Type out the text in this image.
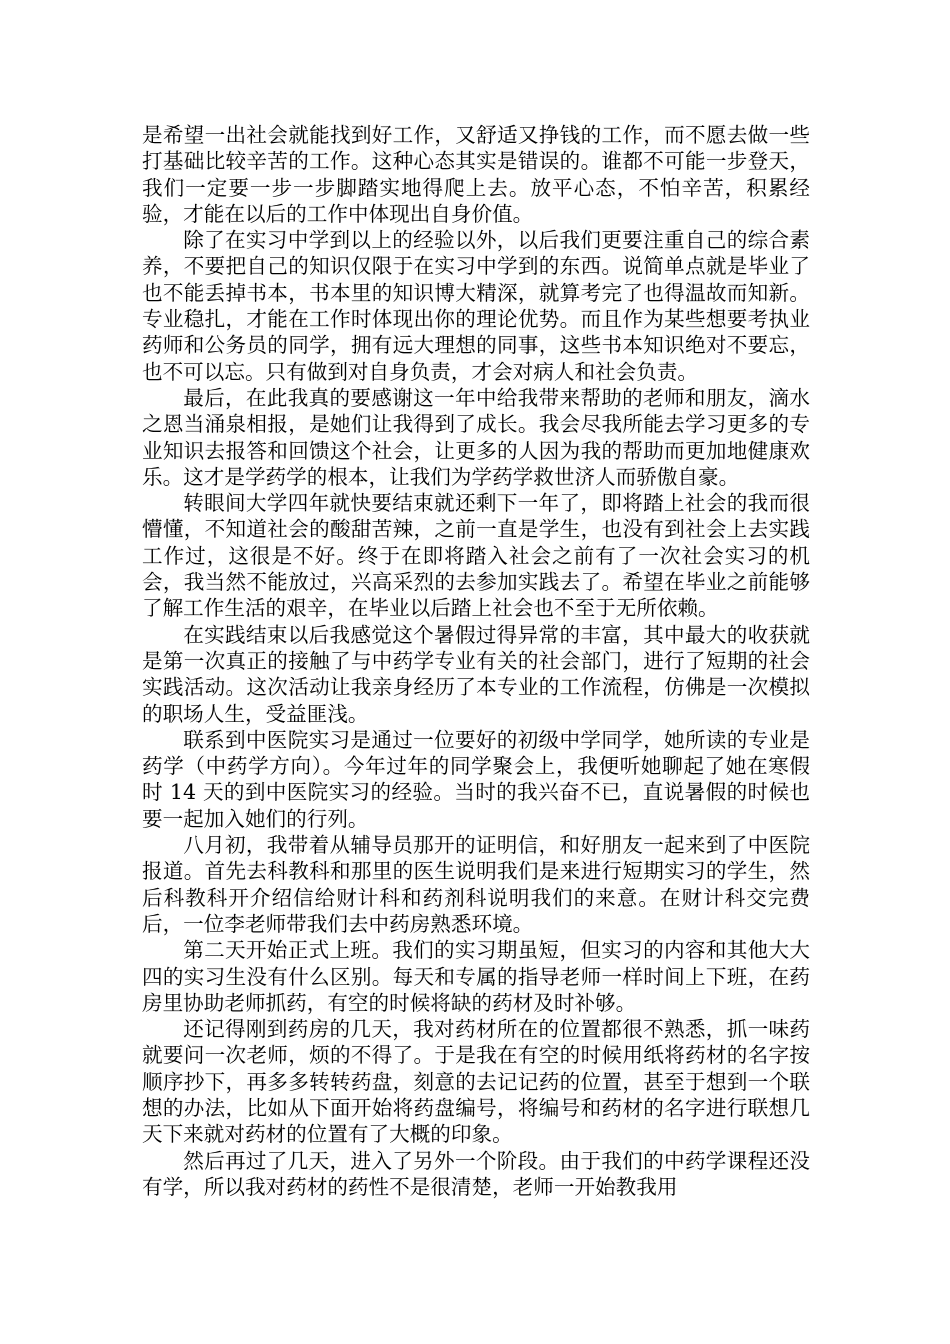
是希望一出社会就能找到好工作，又舒适又挣钱的工作，而不愿去做一些打基础比较辛苦的工作。这种心态其实是错误的。谁都不可能一步登天，我们一定要一步一步脚踏实地得爬上去。放平心态，不怕辛苦，积累经验，才能在以后的工作中体现出自身价值。

除了在实习中学到以上的经验以外，以后我们更要注重自己的综合素养，不要把自己的知识仅限于在实习中学到的东西。说简单点就是毕业了也不能丢掉书本，书本里的知识博大精深，就算考完了也得温故而知新。专业稳扎，才能在工作时体现出你的理论优势。而且作为某些想要考执业药师和公务员的同学，拥有远大理想的同事，这些书本知识绝对不要忘，也不可以忘。只有做到对自身负责，才会对病人和社会负责。

最后，在此我真的要感谢这一年中给我带来帮助的老师和朋友，滴水之恩当涌泉相报，是她们让我得到了成长。我会尽我所能去学习更多的专业知识去报答和回馈这个社会，让更多的人因为我的帮助而更加地健康欢乐。这才是学药学的根本，让我们为学药学救世济人而骄傲自豪。

转眼间大学四年就快要结束就还剩下一年了，即将踏上社会的我而很懵懂，不知道社会的酸甜苦辣，之前一直是学生，也没有到社会上去实践工作过，这很是不好。终于在即将踏入社会之前有了一次社会实习的机会，我当然不能放过，兴高采烈的去参加实践去了。希望在毕业之前能够了解工作生活的艰辛，在毕业以后踏上社会也不至于无所依赖。

在实践结束以后我感觉这个暑假过得异常的丰富，其中最大的收获就是第一次真正的接触了与中药学专业有关的社会部门，进行了短期的社会实践活动。这次活动让我亲身经历了本专业的工作流程，仿佛是一次模拟的职场人生，受益匪浅。

联系到中医院实习是通过一位要好的初级中学同学，她所读的专业是药学（中药学方向）。今年过年的同学聚会上，我便听她聊起了她在寒假时 14 天的到中医院实习的经验。当时的我兴奋不已，直说暑假的时候也要一起加入她们的行列。

八月初，我带着从辅导员那开的证明信，和好朋友一起来到了中医院报道。首先去科教科和那里的医生说明我们是来进行短期实习的学生，然后科教科开介绍信给财计科和药剂科说明我们的来意。在财计科交完费后，一位李老师带我们去中药房熟悉环境。

第二天开始正式上班。我们的实习期虽短，但实习的内容和其他大大四的实习生没有什么区别。每天和专属的指导老师一样时间上下班，在药房里协助老师抓药，有空的时候将缺的药材及时补够。

还记得刚到药房的几天，我对药材所在的位置都很不熟悉，抓一味药就要问一次老师，烦的不得了。于是我在有空的时候用纸将药材的名字按顺序抄下，再多多转转药盘，刻意的去记记药的位置，甚至于想到一个联想的办法，比如从下面开始将药盘编号，将编号和药材的名字进行联想几天下来就对药材的位置有了大概的印象。

然后再过了几天，进入了另外一个阶段。由于我们的中药学课程还没有学，所以我对药材的药性不是很清楚，老师一开始教我用
